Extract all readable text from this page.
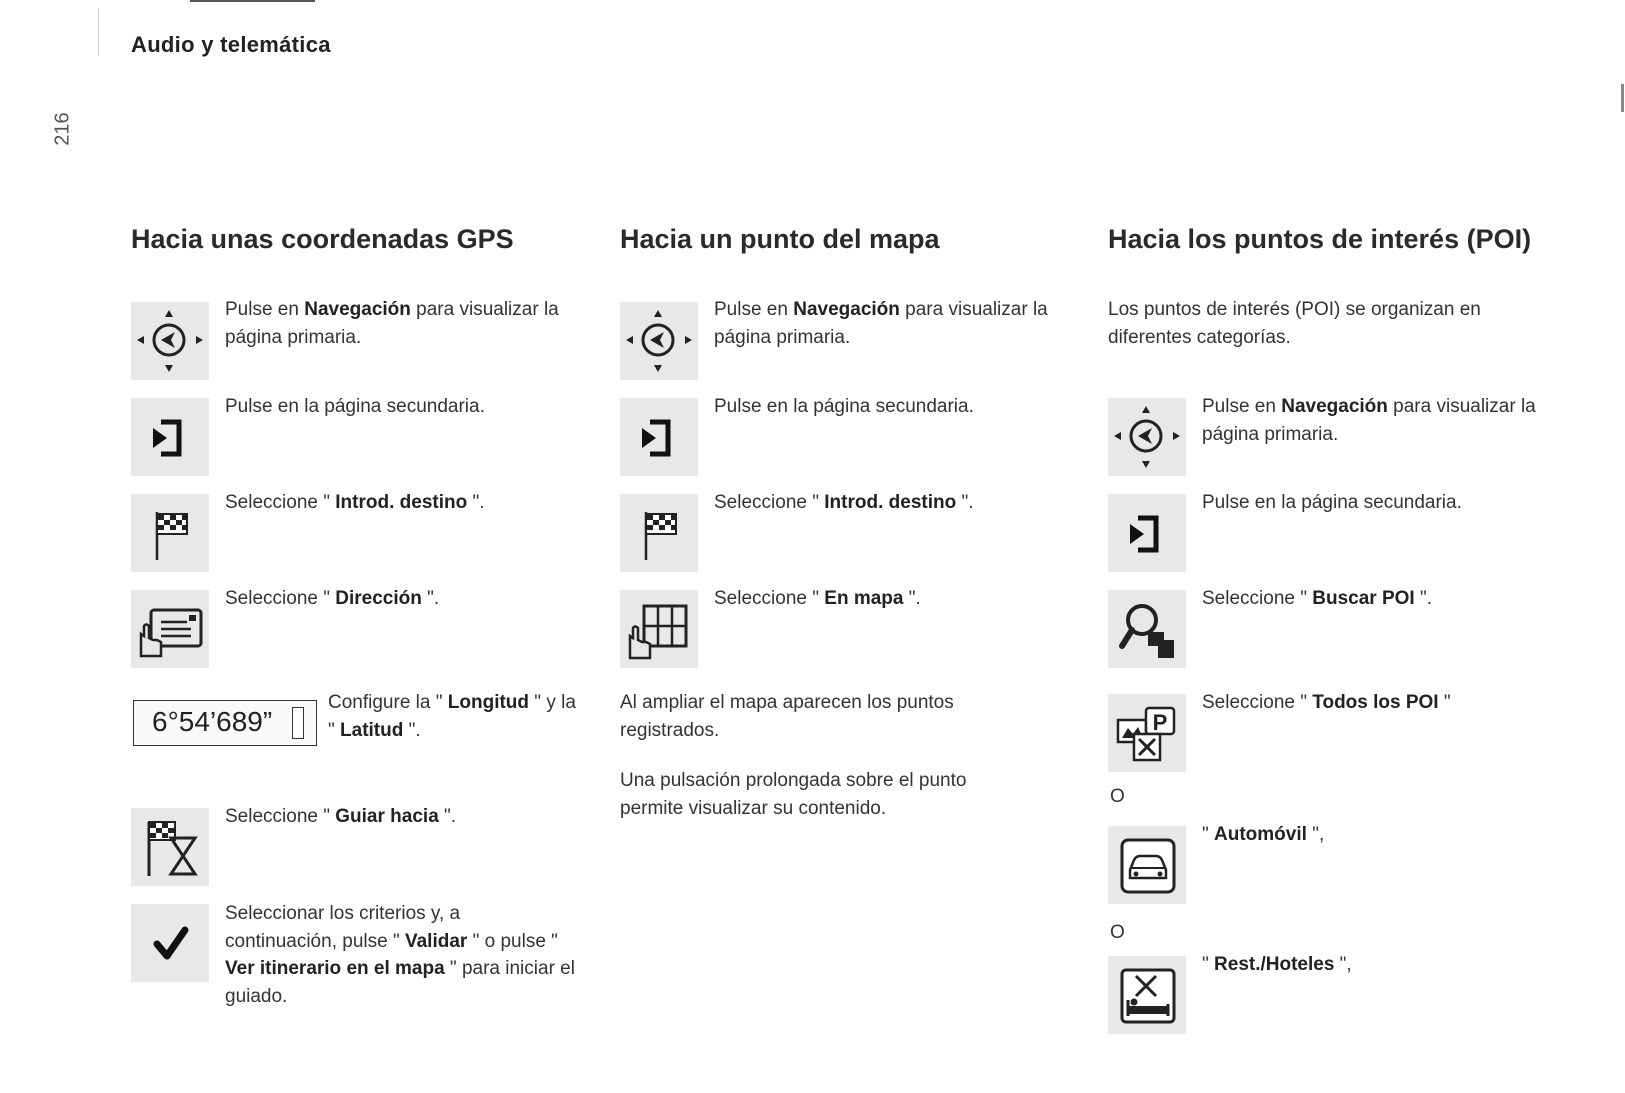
Audio y telemática
216
Hacia unas coordenadas GPS
Pulse en Navegación para visualizar la página primaria.
Pulse en la página secundaria.
Seleccione " Introd. destino ".
Seleccione " Dirección ".
6°54’689”
Configure la " Longitud " y la " Latitud ".
Seleccione " Guiar hacia ".
Seleccionar los criterios y, a continuación, pulse " Validar " o pulse " Ver itinerario en el mapa " para iniciar el guiado.
Hacia un punto del mapa
Pulse en Navegación para visualizar la página primaria.
Pulse en la página secundaria.
Seleccione " Introd. destino ".
Seleccione " En mapa ".
Al ampliar el mapa aparecen los puntos registrados.
Una pulsación prolongada sobre el punto permite visualizar su contenido.
Hacia los puntos de interés (POI)
Los puntos de interés (POI) se organizan en diferentes categorías.
Pulse en Navegación para visualizar la página primaria.
Pulse en la página secundaria.
Seleccione " Buscar POI ".
Seleccione " Todos los POI "
O
" Automóvil ",
O
" Rest./Hoteles ",
